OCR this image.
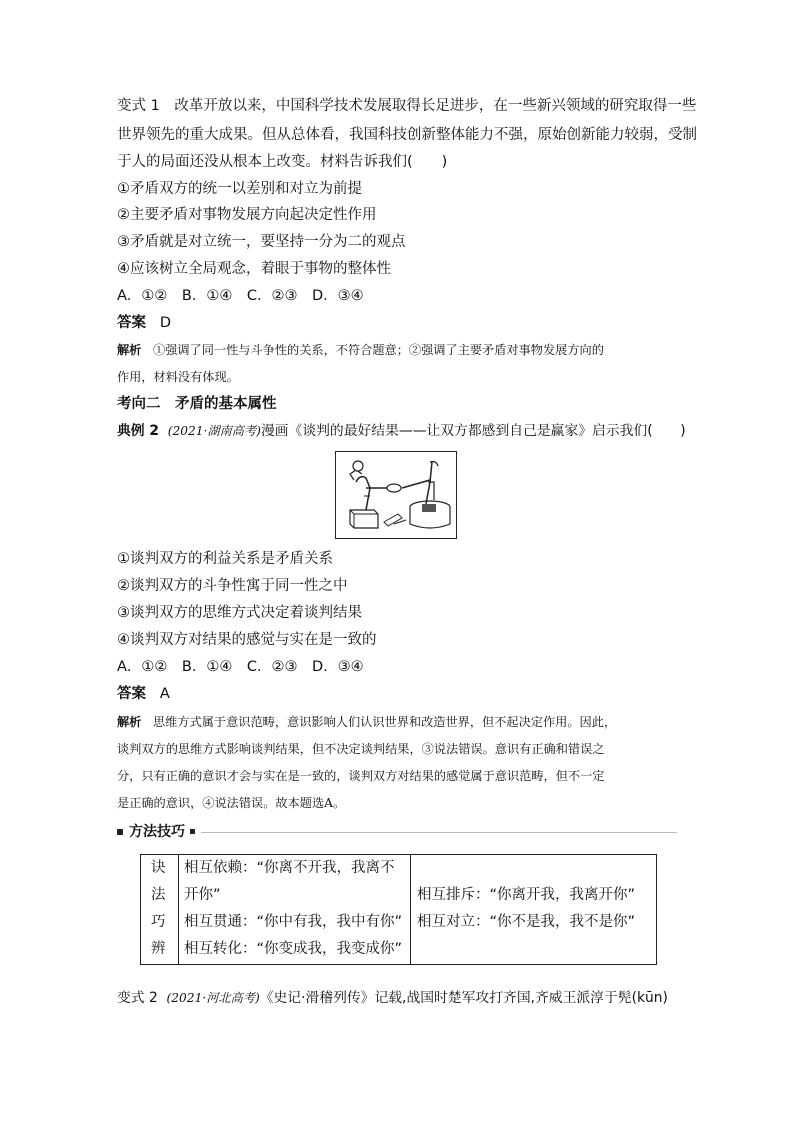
变式 1　改革开放以来，中国科学技术发展取得长足进步，在一些新兴领域的研究取得一些
世界领先的重大成果。但从总体看，我国科技创新整体能力不强，原始创新能力较弱，受制
于人的局面还没从根本上改变。材料告诉我们(　　)
①矛盾双方的统一以差别和对立为前提
②主要矛盾对事物发展方向起决定性作用
③矛盾就是对立统一，要坚持一分为二的观点
④应该树立全局观念，着眼于事物的整体性
A．①②　B．①④　C．②③　D．③④
答案 D
解析 ①强调了同一性与斗争性的关系，不符合题意；②强调了主要矛盾对事物发展方向的
作用，材料没有体现。
考向二　矛盾的基本属性
典例 2 (2021·湖南高考)漫画《谈判的最好结果——让双方都感到自己是赢家》启示我们(　　)
①谈判双方的利益关系是矛盾关系
②谈判双方的斗争性寓于同一性之中
③谈判双方的思维方式决定着谈判结果
④谈判双方对结果的感觉与实在是一致的
A．①②　B．①④　C．②③　D．③④
答案 A
解析 思维方式属于意识范畴，意识影响人们认识世界和改造世界，但不起决定作用。因此，
谈判双方的思维方式影响谈判结果，但不决定谈判结果，③说法错误。意识有正确和错误之
分，只有正确的意识才会与实在是一致的，谈判双方对结果的感觉属于意识范畴，但不一定
是正确的意识，④说法错误。故本题选A。
方法技巧
诀
法
巧
辨
相互依赖：“你离不开我，我离不
开你”
相互贯通：“你中有我，我中有你”
相互转化：“你变成我，我变成你”
相互排斥：“你离开我，我离开你”
相互对立：“你不是我，我不是你”
变式 2 (2021·河北高考)《史记·滑稽列传》记载,战国时楚军攻打齐国,齐威王派淳于髡(kūn)
